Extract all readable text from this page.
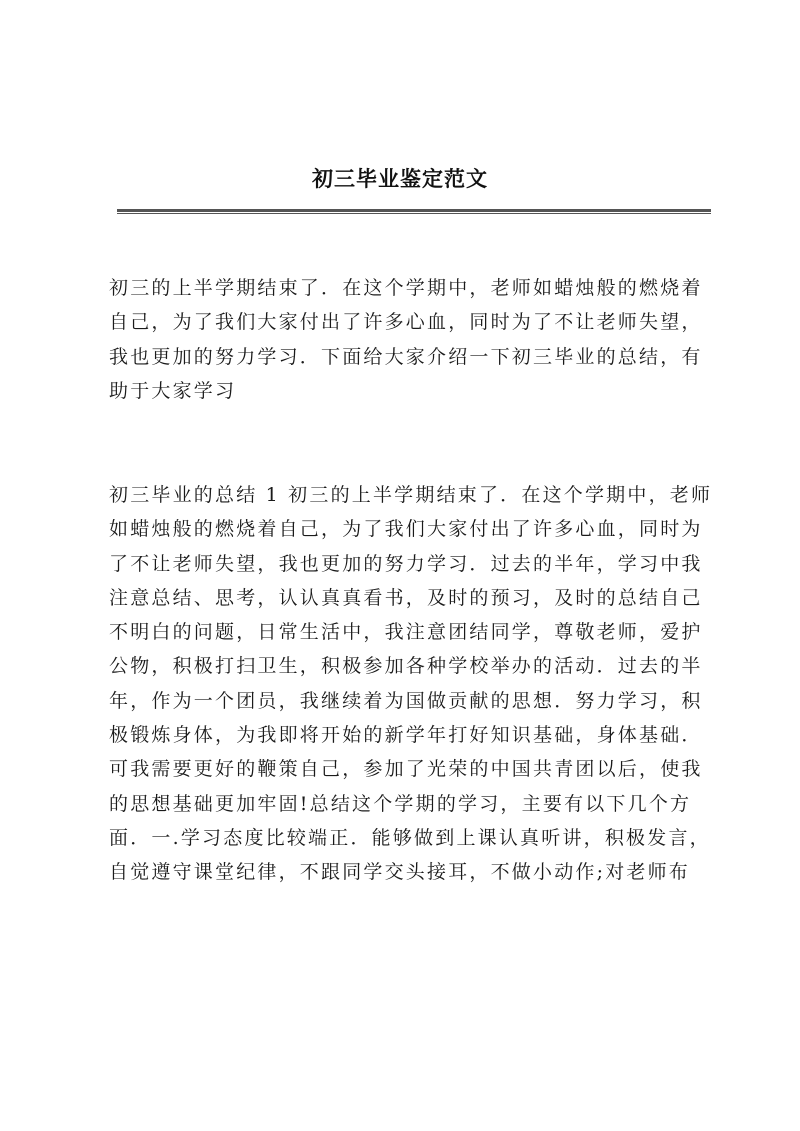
初三毕业鉴定范文
初三的上半学期结束了．在这个学期中，老师如蜡烛般的燃烧着
自己，为了我们大家付出了许多心血，同时为了不让老师失望，
我也更加的努力学习．下面给大家介绍一下初三毕业的总结，有
助于大家学习
初三毕业的总结 1 初三的上半学期结束了．在这个学期中，老师
如蜡烛般的燃烧着自己，为了我们大家付出了许多心血，同时为
了不让老师失望，我也更加的努力学习．过去的半年，学习中我
注意总结、思考，认认真真看书，及时的预习，及时的总结自己
不明白的问题，日常生活中，我注意团结同学，尊敬老师，爱护
公物，积极打扫卫生，积极参加各种学校举办的活动．过去的半
年，作为一个团员，我继续着为国做贡献的思想．努力学习，积
极锻炼身体，为我即将开始的新学年打好知识基础，身体基础．
可我需要更好的鞭策自己，参加了光荣的中国共青团以后，使我
的思想基础更加牢固!总结这个学期的学习，主要有以下几个方
面．一.学习态度比较端正．能够做到上课认真听讲，积极发言，
自觉遵守课堂纪律，不跟同学交头接耳，不做小动作;对老师布
